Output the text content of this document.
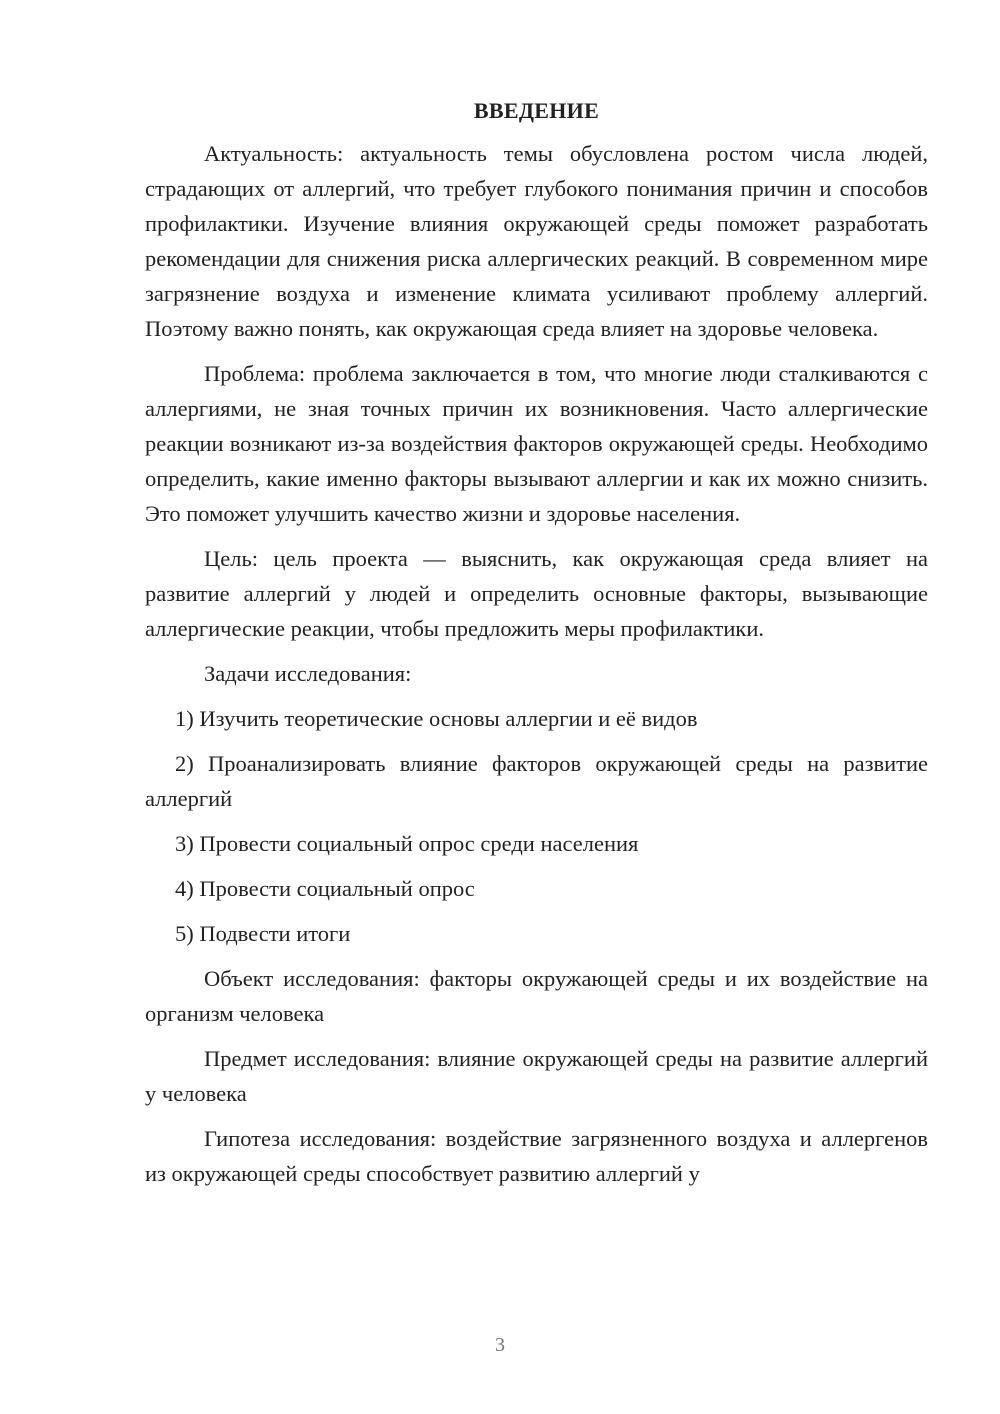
ВВЕДЕНИЕ

Актуальность: актуальность темы обусловлена ростом числа людей, страдающих от аллергий, что требует глубокого понимания причин и способов профилактики. Изучение влияния окружающей среды поможет разработать рекомендации для снижения риска аллергических реакций. В современном мире загрязнение воздуха и изменение климата усиливают проблему аллергий. Поэтому важно понять, как окружающая среда влияет на здоровье человека.

Проблема: проблема заключается в том, что многие люди сталкиваются с аллергиями, не зная точных причин их возникновения. Часто аллергические реакции возникают из-за воздействия факторов окружающей среды. Необходимо определить, какие именно факторы вызывают аллергии и как их можно снизить. Это поможет улучшить качество жизни и здоровье населения.

Цель: цель проекта — выяснить, как окружающая среда влияет на развитие аллергий у людей и определить основные факторы, вызывающие аллергические реакции, чтобы предложить меры профилактики.

Задачи исследования:

1) Изучить теоретические основы аллергии и её видов

2) Проанализировать влияние факторов окружающей среды на развитие аллергий

3) Провести социальный опрос среди населения

4) Провести социальный опрос

5) Подвести итоги

Объект исследования: факторы окружающей среды и их воздействие на организм человека

Предмет исследования: влияние окружающей среды на развитие аллергий у человека

Гипотеза исследования: воздействие загрязненного воздуха и аллергенов из окружающей среды способствует развитию аллергий у

3
